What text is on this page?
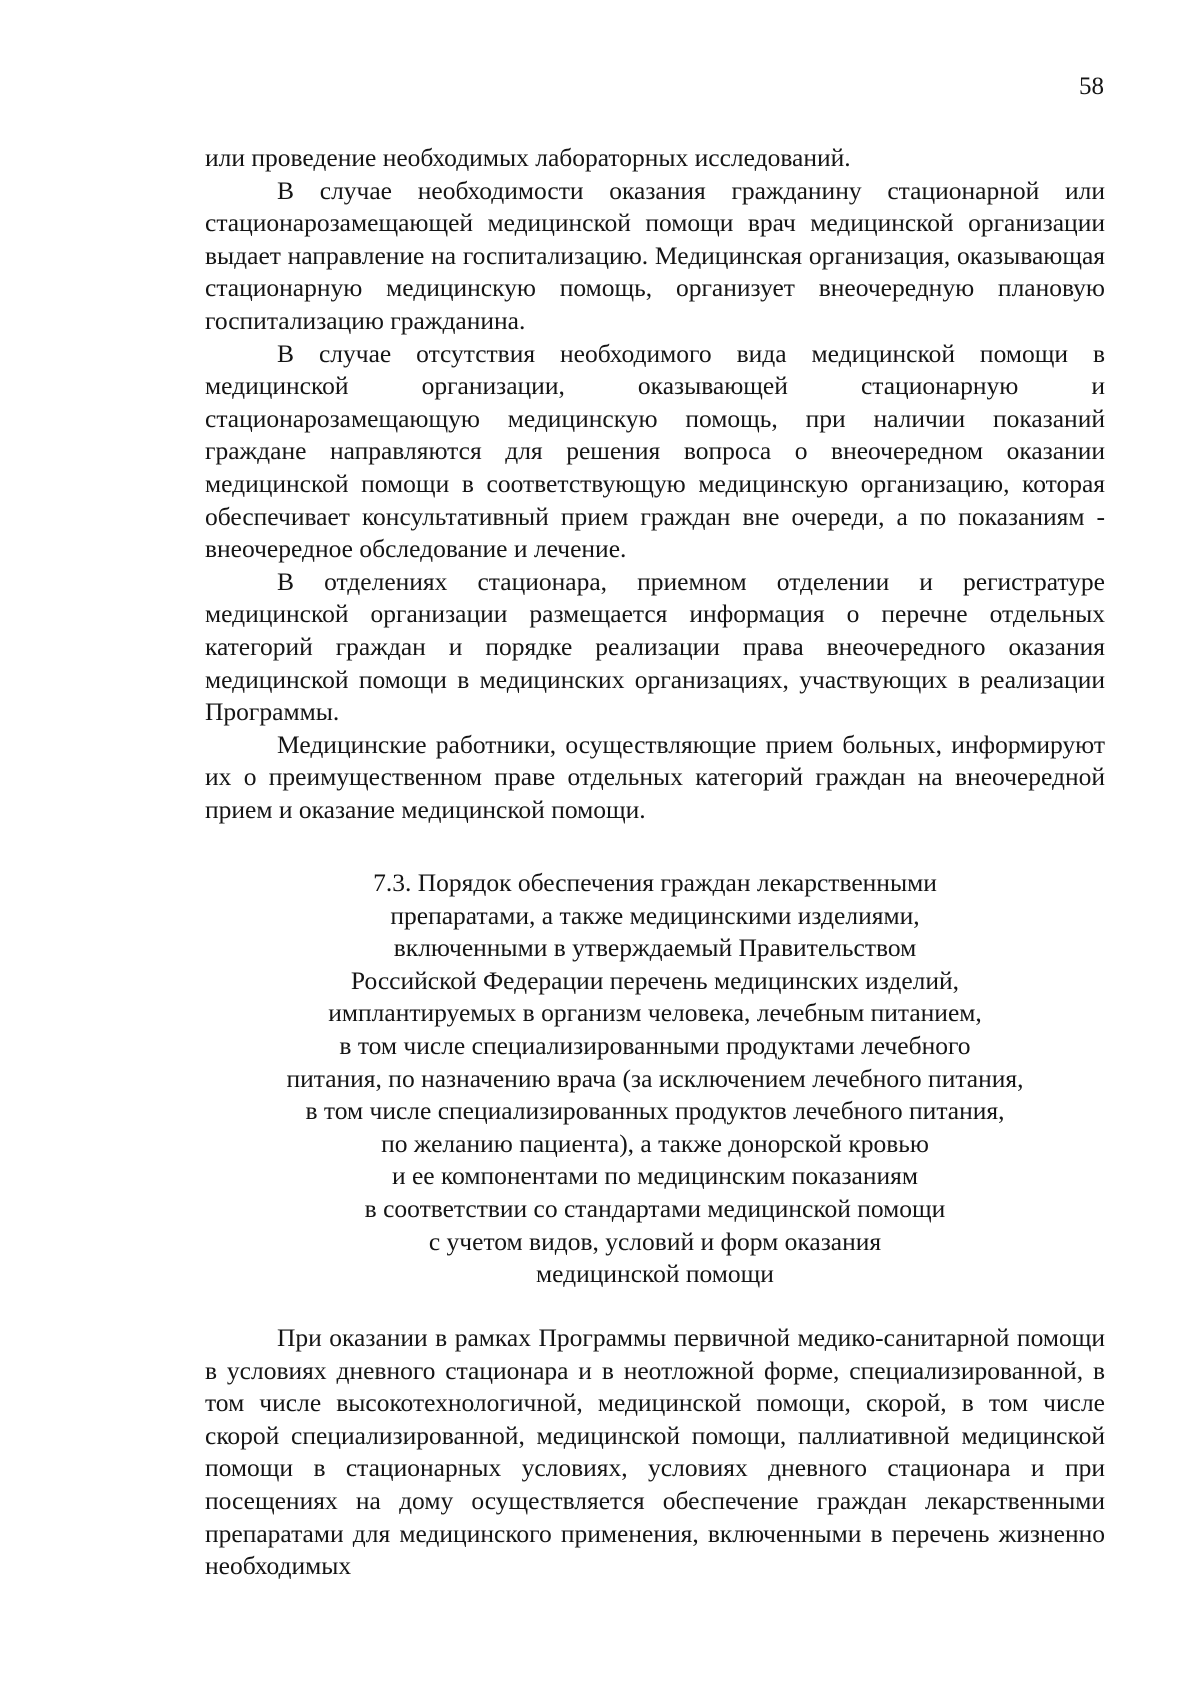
58

или проведение необходимых лабораторных исследований.

В случае необходимости оказания гражданину стационарной или стационарозамещающей медицинской помощи врач медицинской организации выдает направление на госпитализацию. Медицинская организация, оказывающая стационарную медицинскую помощь, организует внеочередную плановую госпитализацию гражданина.

В случае отсутствия необходимого вида медицинской помощи в медицинской организации, оказывающей стационарную и стационарозамещающую медицинскую помощь, при наличии показаний граждане направляются для решения вопроса о внеочередном оказании медицинской помощи в соответствующую медицинскую организацию, которая обеспечивает консультативный прием граждан вне очереди, а по показаниям - внеочередное обследование и лечение.

В отделениях стационара, приемном отделении и регистратуре медицинской организации размещается информация о перечне отдельных категорий граждан и порядке реализации права внеочередного оказания медицинской помощи в медицинских организациях, участвующих в реализации Программы.

Медицинские работники, осуществляющие прием больных, информируют их о преимущественном праве отдельных категорий граждан на внеочередной прием и оказание медицинской помощи.

7.3. Порядок обеспечения граждан лекарственными
препаратами, а также медицинскими изделиями,
включенными в утверждаемый Правительством
Российской Федерации перечень медицинских изделий,
имплантируемых в организм человека, лечебным питанием,
в том числе специализированными продуктами лечебного
питания, по назначению врача (за исключением лечебного питания,
в том числе специализированных продуктов лечебного питания,
по желанию пациента), а также донорской кровью
и ее компонентами по медицинским показаниям
в соответствии со стандартами медицинской помощи
с учетом видов, условий и форм оказания
медицинской помощи

При оказании в рамках Программы первичной медико-санитарной помощи в условиях дневного стационара и в неотложной форме, специализированной, в том числе высокотехнологичной, медицинской помощи, скорой, в том числе скорой специализированной, медицинской помощи, паллиативной медицинской помощи в стационарных условиях, условиях дневного стационара и при посещениях на дому осуществляется обеспечение граждан лекарственными препаратами для медицинского применения, включенными в перечень жизненно необходимых
